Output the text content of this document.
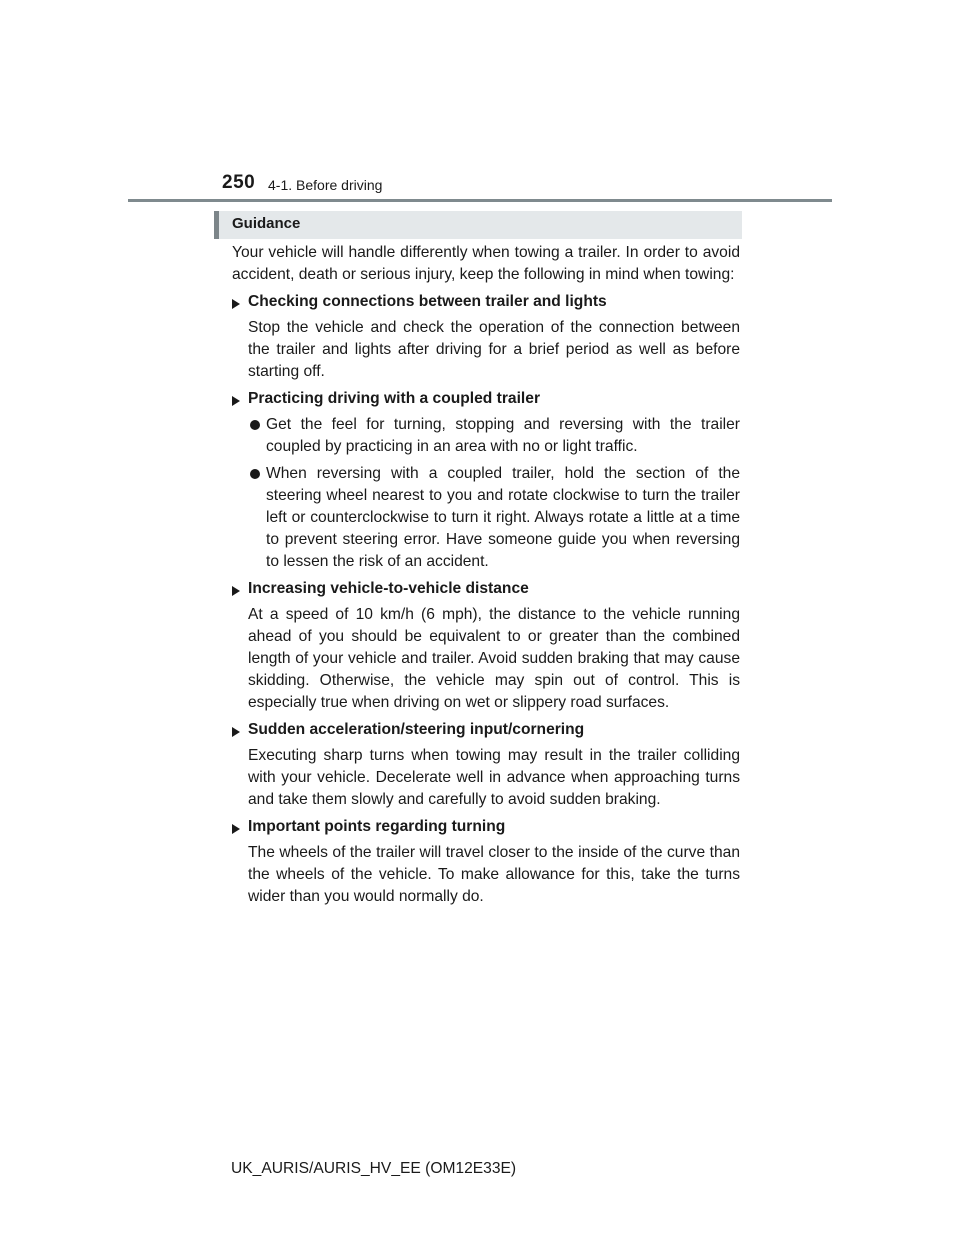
250 4-1. Before driving
Guidance

Your vehicle will handle differently when towing a trailer. In order to avoid accident, death or serious injury, keep the following in mind when towing:

Checking connections between trailer and lights

Stop the vehicle and check the operation of the connection between the trailer and lights after driving for a brief period as well as before starting off.

Practicing driving with a coupled trailer
Get the feel for turning, stopping and reversing with the trailer coupled by practicing in an area with no or light traffic.
When reversing with a coupled trailer, hold the section of the steering wheel nearest to you and rotate clockwise to turn the trailer left or counterclockwise to turn it right. Always rotate a little at a time to prevent steering error. Have someone guide you when reversing to lessen the risk of an accident.
Increasing vehicle-to-vehicle distance

At a speed of 10 km/h (6 mph), the distance to the vehicle running ahead of you should be equivalent to or greater than the combined length of your vehicle and trailer. Avoid sudden braking that may cause skidding. Otherwise, the vehicle may spin out of control. This is especially true when driving on wet or slippery road surfaces.

Sudden acceleration/steering input/cornering

Executing sharp turns when towing may result in the trailer colliding with your vehicle. Decelerate well in advance when approaching turns and take them slowly and carefully to avoid sudden braking.

Important points regarding turning

The wheels of the trailer will travel closer to the inside of the curve than the wheels of the vehicle. To make allowance for this, take the turns wider than you would normally do.

UK_AURIS/AURIS_HV_EE (OM12E33E)
